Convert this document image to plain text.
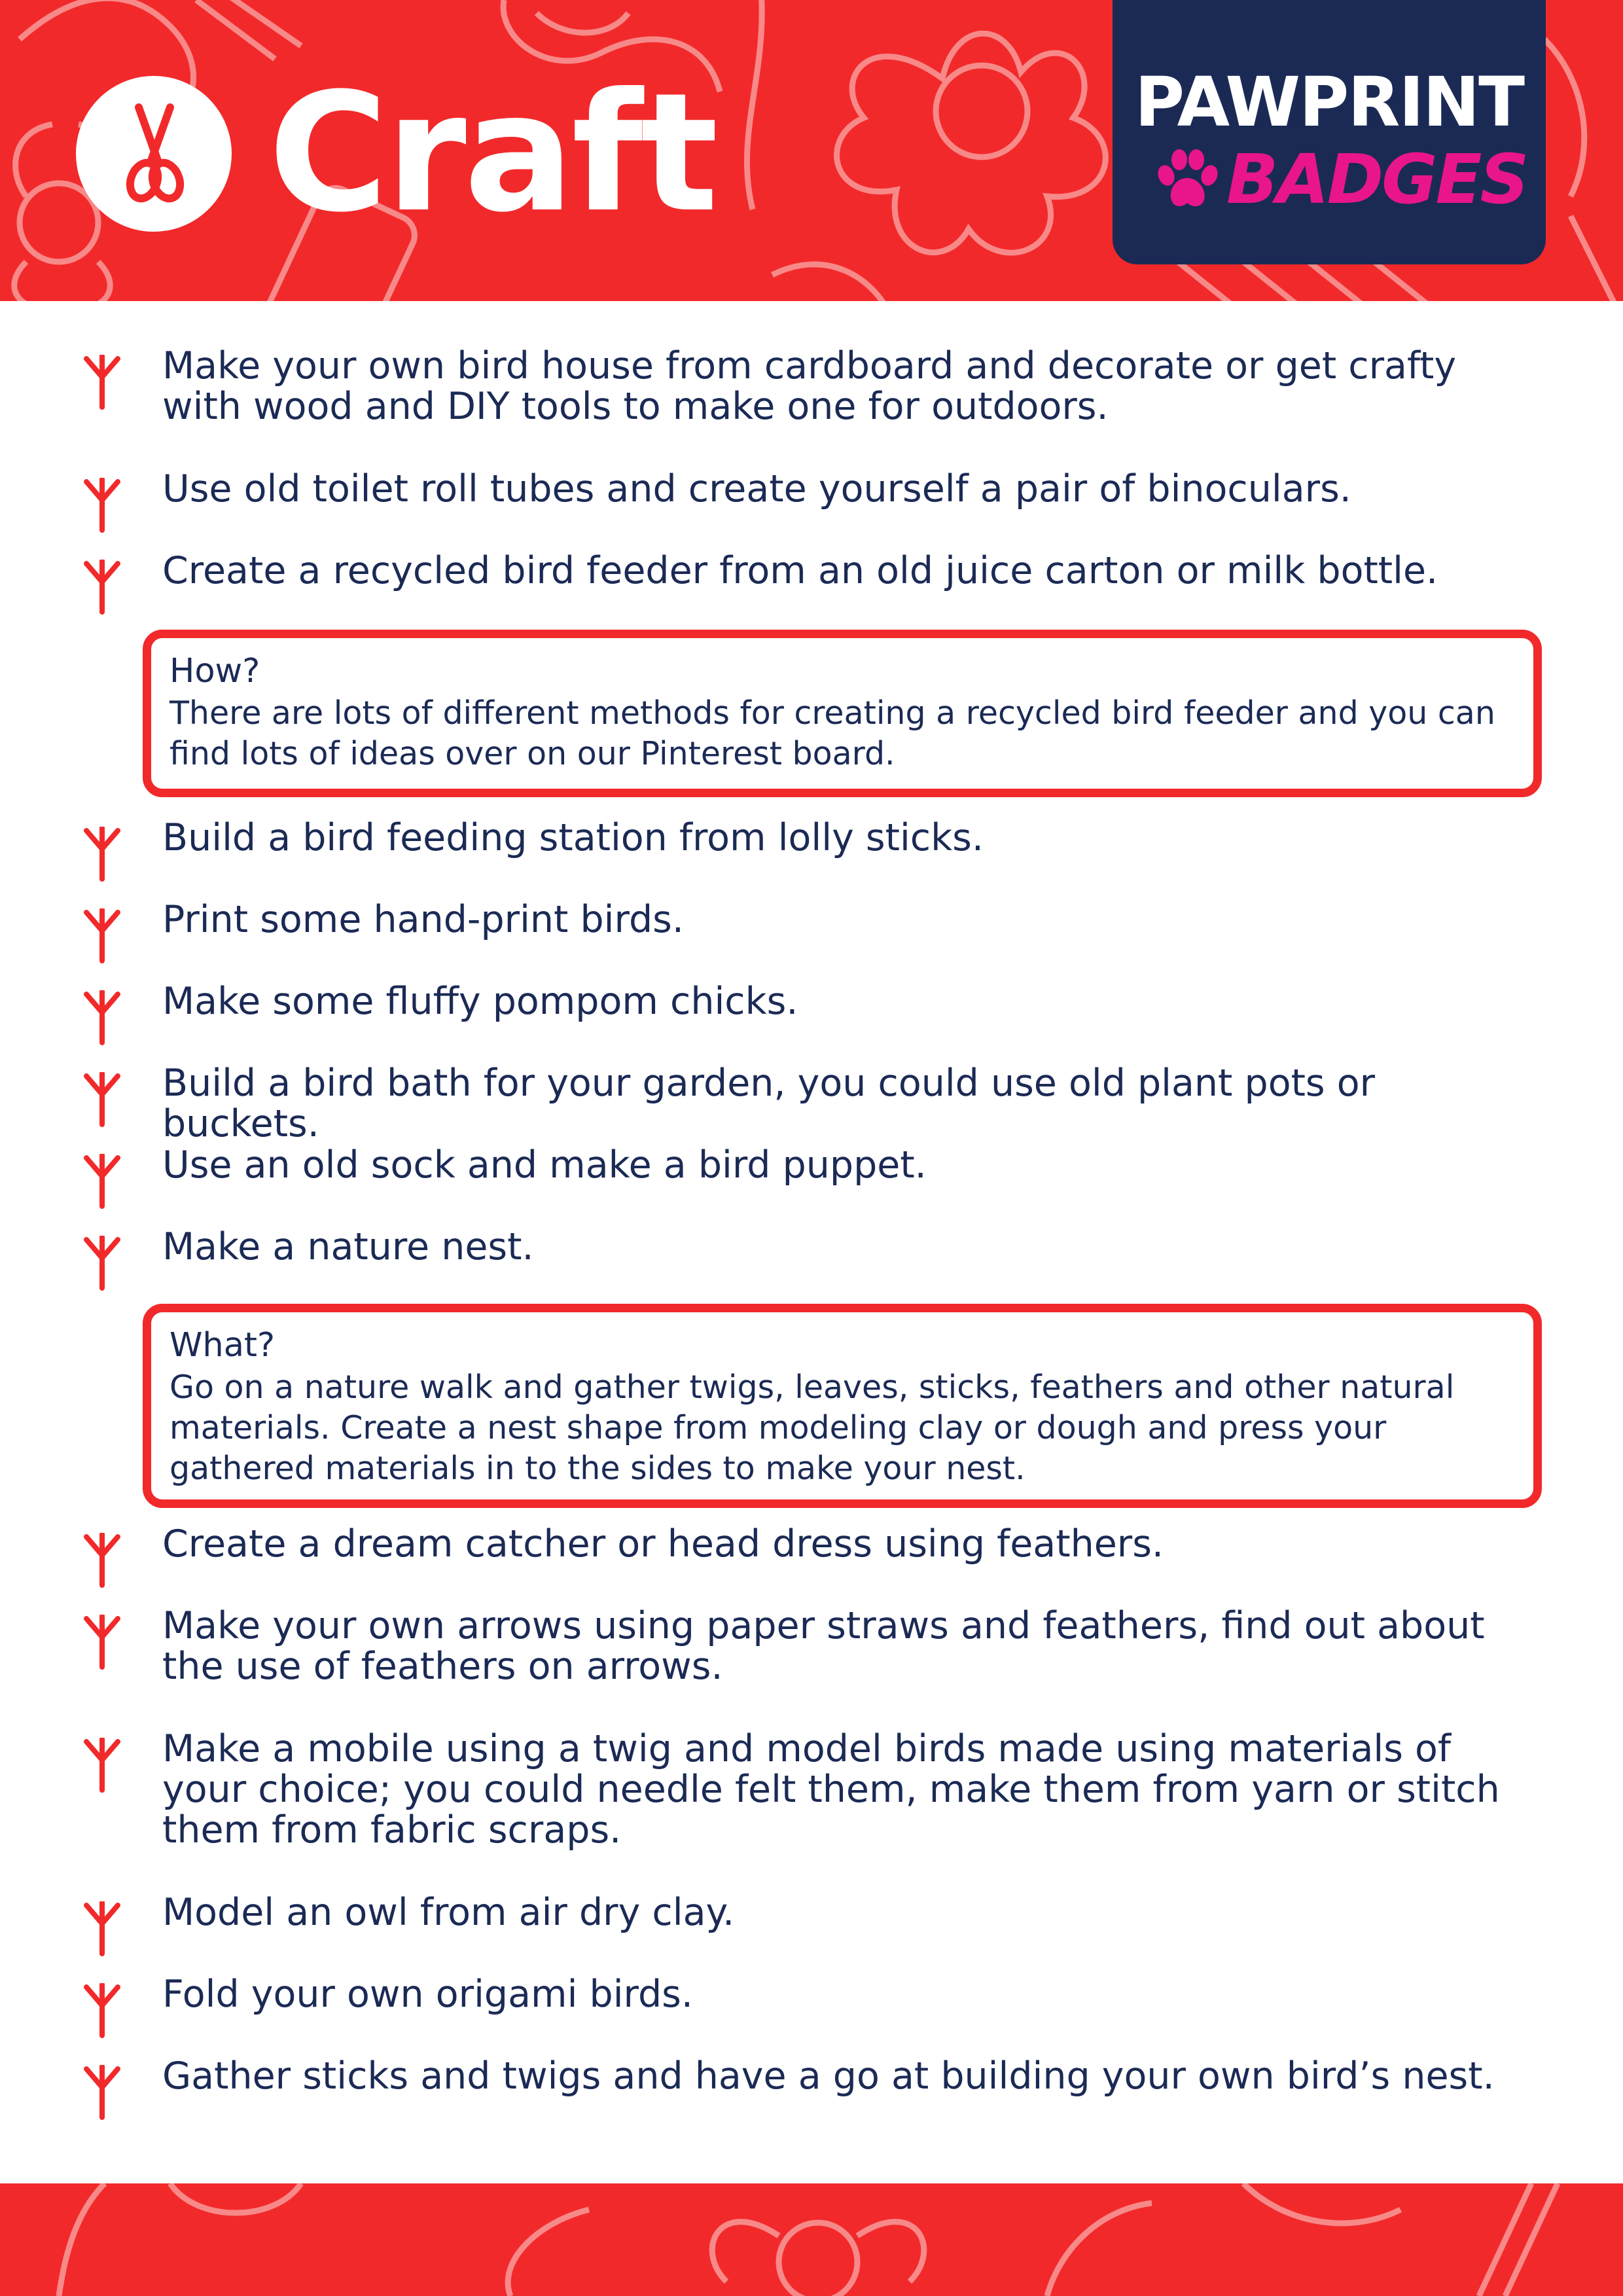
Craft	PAWPRINT
BADGES
Make your own bird house from cardboard and decorate or get crafty with wood and DIY tools to make one for outdoors.
Use old toilet roll tubes and create yourself a pair of binoculars.
Create a recycled bird feeder from an old juice carton or milk bottle.
How?
There are lots of different methods for creating a recycled bird feeder and you can find lots of ideas over on our Pinterest board.
Build a bird feeding station from lolly sticks.
Print some hand-print birds.
Make some fluffy pompom chicks.
Build a bird bath for your garden, you could use old plant pots or buckets.
Use an old sock and make a bird puppet.
Make a nature nest.
What?
Go on a nature walk and gather twigs, leaves, sticks, feathers and other natural materials. Create a nest shape from modeling clay or dough and press your gathered materials in to the sides to make your nest.
Create a dream catcher or head dress using feathers.
Make your own arrows using paper straws and feathers, find out about the use of feathers on arrows.
Make a mobile using a twig and model birds made using materials of your choice; you could needle felt them, make them from yarn or stitch them from fabric scraps.
Model an owl from air dry clay.
Fold your own origami birds.
Gather sticks and twigs and have a go at building your own bird’s nest.
